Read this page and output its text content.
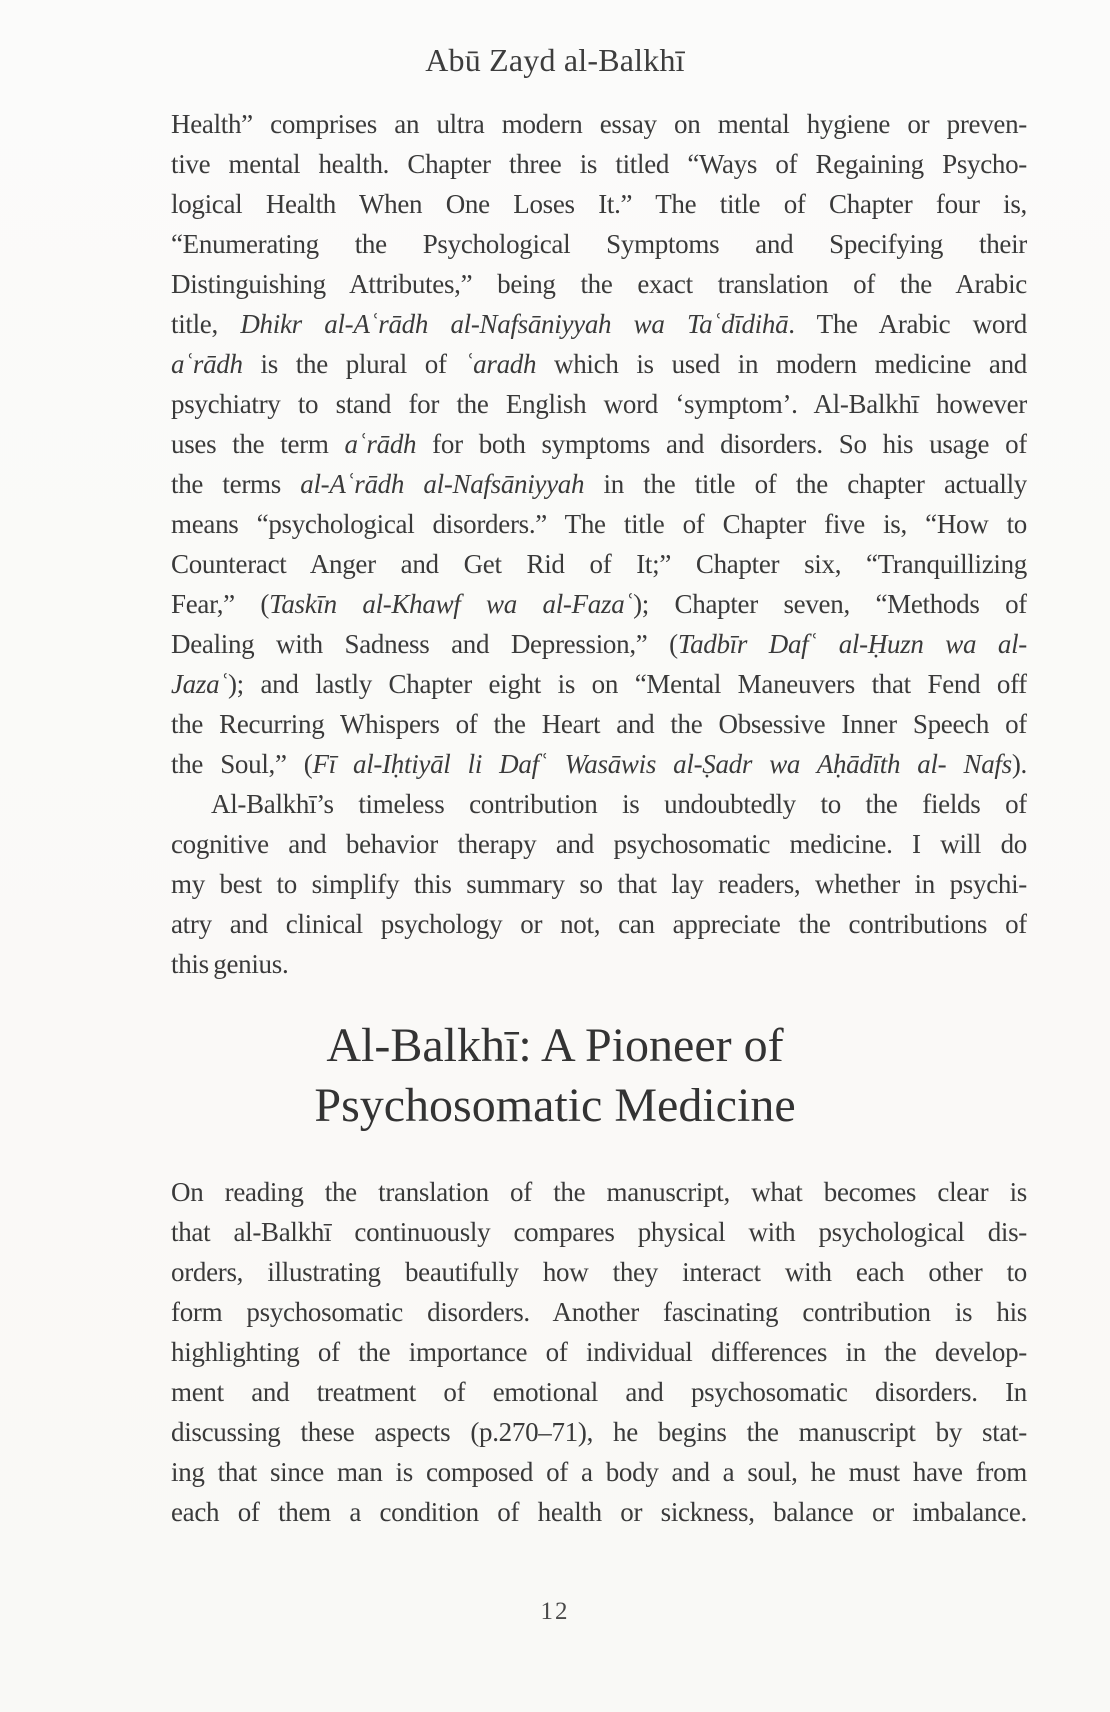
Abū Zayd al-Balkhī
Health” comprises an ultra modern essay on mental hygiene or preven-
tive mental health. Chapter three is titled “Ways of Regaining Psycho-
logical Health When One Loses It.” The title of Chapter four is,
“Enumerating the Psychological Symptoms and Specifying their
Distinguishing Attributes,” being the exact translation of the Arabic
title, Dhikr al-Aʿrādh al-Nafsāniyyah wa Taʿdīdihā. The Arabic word
aʿrādh is the plural of ʿaradh which is used in modern medicine and
psychiatry to stand for the English word ‘symptom’. Al-Balkhī however
uses the term aʿrādh for both symptoms and disorders. So his usage of
the terms al-Aʿrādh al-Nafsāniyyah in the title of the chapter actually
means “psychological disorders.” The title of Chapter five is, “How to
Counteract Anger and Get Rid of It;” Chapter six, “Tranquillizing
Fear,” (Taskīn al-Khawf wa al-Fazaʿ); Chapter seven, “Methods of
Dealing with Sadness and Depression,” (Tadbīr Dafʿ al-Ḥuzn wa al-
Jazaʿ); and lastly Chapter eight is on “Mental Maneuvers that Fend off
the Recurring Whispers of the Heart and the Obsessive Inner Speech of
the Soul,” (Fī al-Iḥtiyāl li Dafʿ Wasāwis al-Ṣadr wa Aḥādīth al- Nafs).
Al-Balkhī’s timeless contribution is undoubtedly to the fields of
cognitive and behavior therapy and psychosomatic medicine. I will do
my best to simplify this summary so that lay readers, whether in psychi-
atry and clinical psychology or not, can appreciate the contributions of
this genius.
Al-Balkhī: A Pioneer of
Psychosomatic Medicine
On reading the translation of the manuscript, what becomes clear is
that al-Balkhī continuously compares physical with psychological dis-
orders, illustrating beautifully how they interact with each other to
form psychosomatic disorders. Another fascinating contribution is his
highlighting of the importance of individual differences in the develop-
ment and treatment of emotional and psychosomatic disorders. In
discussing these aspects (p.270–71), he begins the manuscript by stat-
ing that since man is composed of a body and a soul, he must have from
each of them a condition of health or sickness, balance or imbalance.
12
